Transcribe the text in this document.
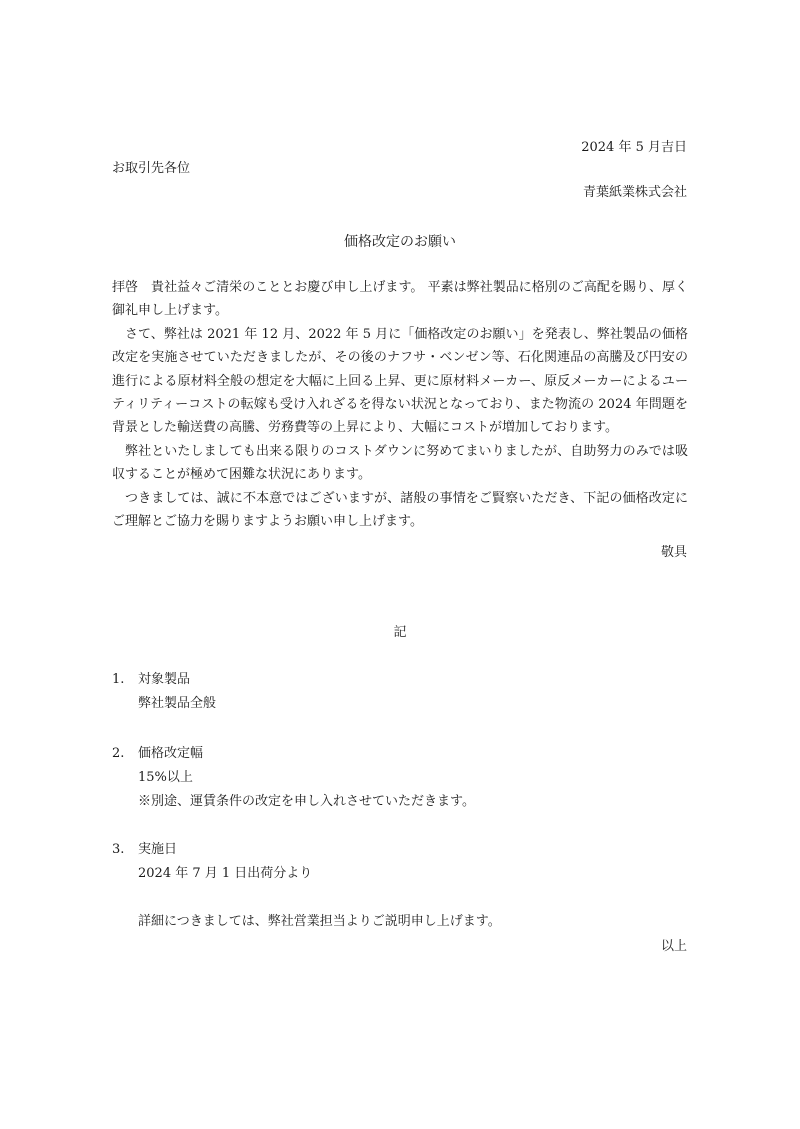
2024 年 5 月吉日
お取引先各位
青葉紙業株式会社
価格改定のお願い

拝啓　貴社益々ご清栄のこととお慶び申し上げます。 平素は弊社製品に格別のご高配を賜り、厚く御礼申し上げます。

さて、弊社は 2021 年 12 月、2022 年 5 月に「価格改定のお願い」を発表し、弊社製品の価格改定を実施させていただきましたが、その後のナフサ・ベンゼン等、石化関連品の高騰及び円安の進行による原材料全般の想定を大幅に上回る上昇、更に原材料メーカー、原反メーカーによるユーティリティーコストの転嫁も受け入れざるを得ない状況となっており、また物流の 2024 年問題を背景とした輸送費の高騰、労務費等の上昇により、大幅にコストが増加しております。

弊社といたしましても出来る限りのコストダウンに努めてまいりましたが、自助努力のみでは吸収することが極めて困難な状況にあります。

つきましては、誠に不本意ではございますが、諸般の事情をご賢察いただき、下記の価格改定にご理解とご協力を賜りますようお願い申し上げます。

敬具
記
1. 対象製品
弊社製品全般
2. 価格改定幅
15%以上
※別途、運賃条件の改定を申し入れさせていただきます。
3. 実施日
2024 年 7 月 1 日出荷分より
詳細につきましては、弊社営業担当よりご説明申し上げます。
以上
